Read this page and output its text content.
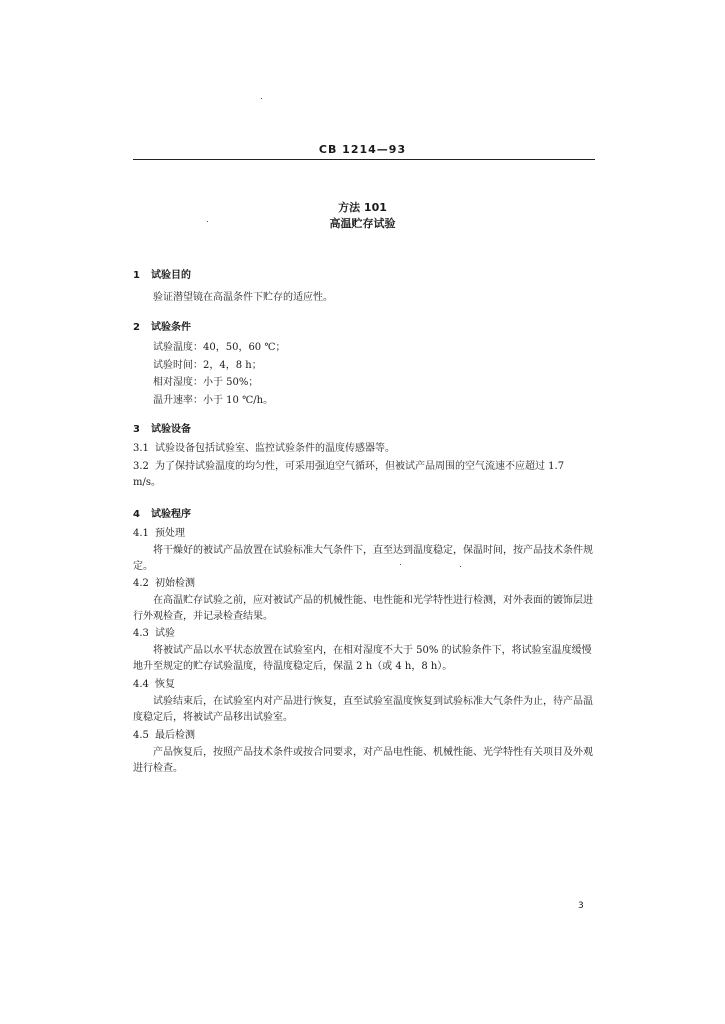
CB 1214—93
方法 101
高温贮存试验
1 试验目的
验证潜望镜在高温条件下贮存的适应性。
2 试验条件
试验温度：40，50，60 ℃；
试验时间：2，4，8 h；
相对湿度：小于 50%；
温升速率：小于 10 ℃/h。
3 试验设备
3.1 试验设备包括试验室、监控试验条件的温度传感器等。
3.2 为了保持试验温度的均匀性，可采用强迫空气循环，但被试产品周围的空气流速不应超过 1.7 m/s。
4 试验程序
4.1 预处理
将干燥好的被试产品放置在试验标准大气条件下，直至达到温度稳定，保温时间，按产品技术条件规定。
4.2 初始检测
在高温贮存试验之前，应对被试产品的机械性能、电性能和光学特性进行检测，对外表面的镀饰层进行外观检查，并记录检查结果。
4.3 试验
将被试产品以水平状态放置在试验室内，在相对湿度不大于 50% 的试验条件下，将试验室温度缓慢地升至规定的贮存试验温度，待温度稳定后，保温 2 h（或 4 h，8 h）。
4.4 恢复
试验结束后，在试验室内对产品进行恢复，直至试验室温度恢复到试验标准大气条件为止，待产品温度稳定后，将被试产品移出试验室。
4.5 最后检测
产品恢复后，按照产品技术条件或按合同要求，对产品电性能、机械性能、光学特性有关项目及外观进行检查。
3
